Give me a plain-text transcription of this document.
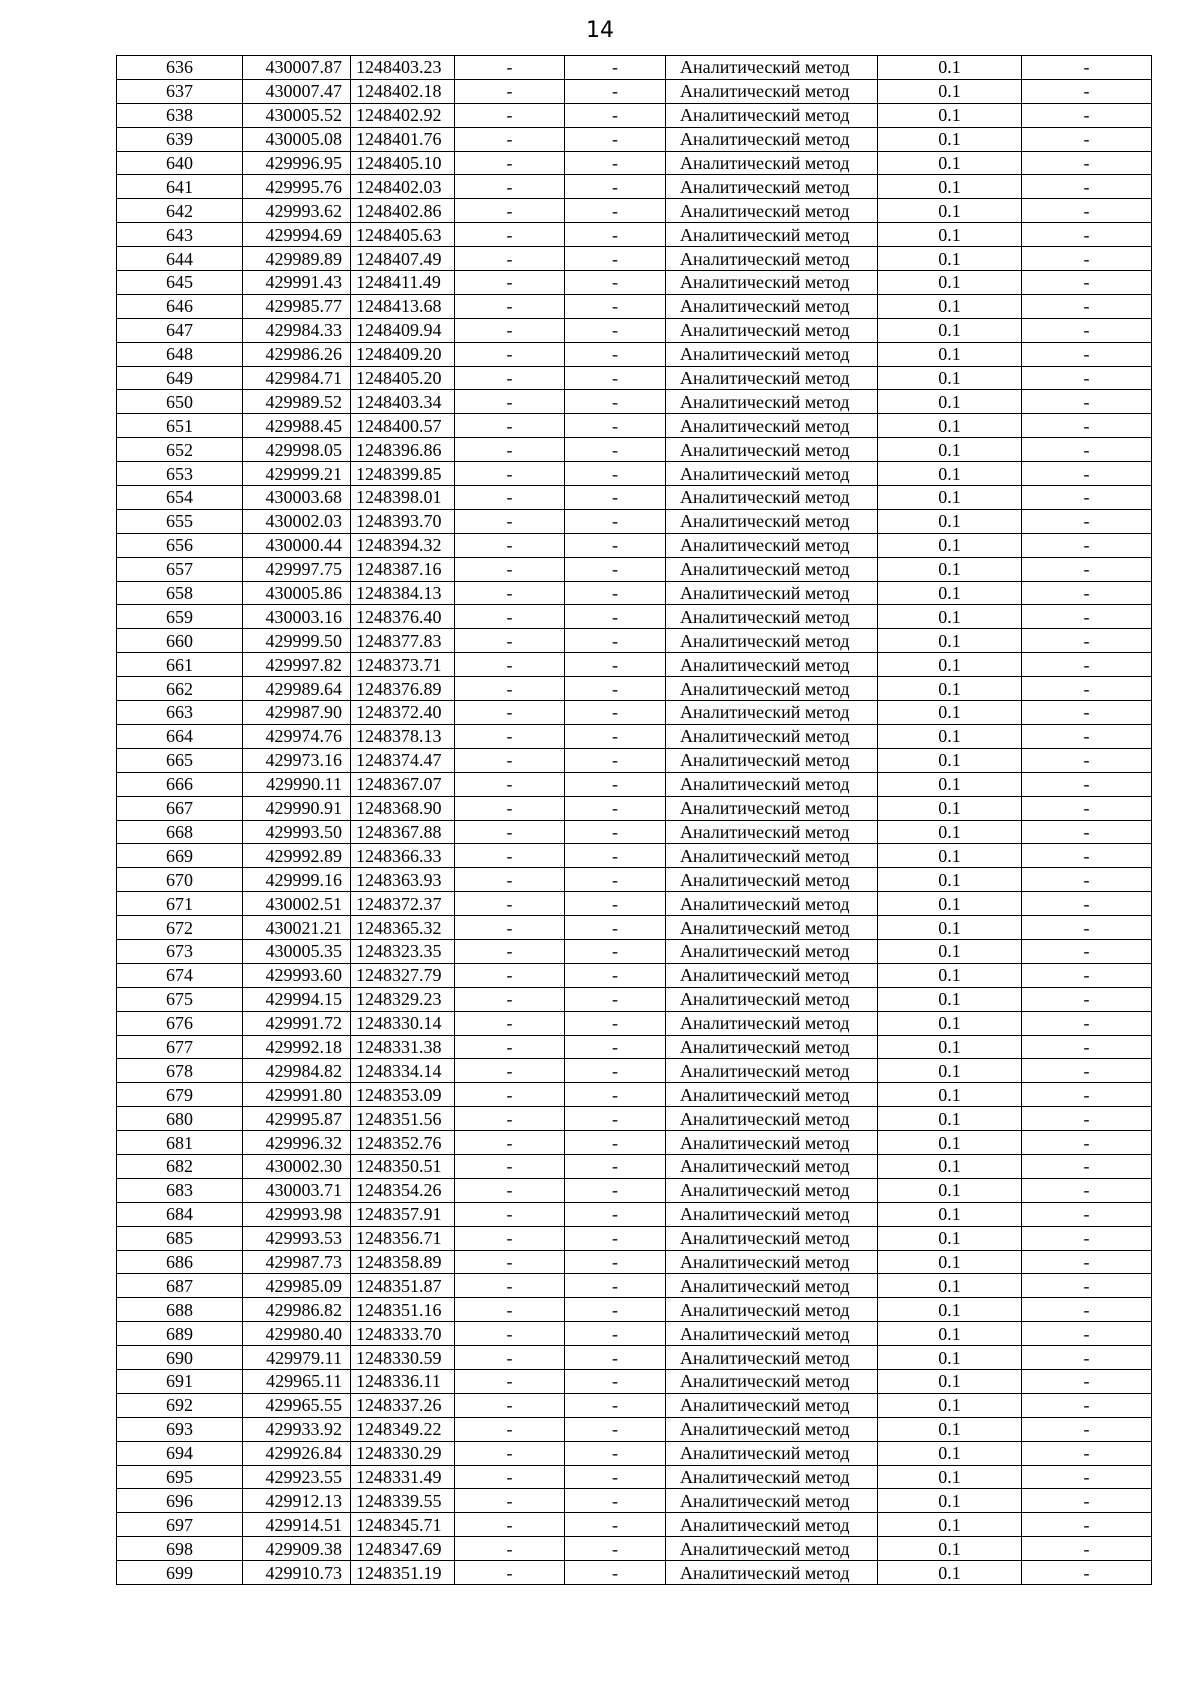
14
636	430007.87	1248403.23	-	-	Аналитический метод	0.1	-
637	430007.47	1248402.18	-	-	Аналитический метод	0.1	-
638	430005.52	1248402.92	-	-	Аналитический метод	0.1	-
639	430005.08	1248401.76	-	-	Аналитический метод	0.1	-
640	429996.95	1248405.10	-	-	Аналитический метод	0.1	-
641	429995.76	1248402.03	-	-	Аналитический метод	0.1	-
642	429993.62	1248402.86	-	-	Аналитический метод	0.1	-
643	429994.69	1248405.63	-	-	Аналитический метод	0.1	-
644	429989.89	1248407.49	-	-	Аналитический метод	0.1	-
645	429991.43	1248411.49	-	-	Аналитический метод	0.1	-
646	429985.77	1248413.68	-	-	Аналитический метод	0.1	-
647	429984.33	1248409.94	-	-	Аналитический метод	0.1	-
648	429986.26	1248409.20	-	-	Аналитический метод	0.1	-
649	429984.71	1248405.20	-	-	Аналитический метод	0.1	-
650	429989.52	1248403.34	-	-	Аналитический метод	0.1	-
651	429988.45	1248400.57	-	-	Аналитический метод	0.1	-
652	429998.05	1248396.86	-	-	Аналитический метод	0.1	-
653	429999.21	1248399.85	-	-	Аналитический метод	0.1	-
654	430003.68	1248398.01	-	-	Аналитический метод	0.1	-
655	430002.03	1248393.70	-	-	Аналитический метод	0.1	-
656	430000.44	1248394.32	-	-	Аналитический метод	0.1	-
657	429997.75	1248387.16	-	-	Аналитический метод	0.1	-
658	430005.86	1248384.13	-	-	Аналитический метод	0.1	-
659	430003.16	1248376.40	-	-	Аналитический метод	0.1	-
660	429999.50	1248377.83	-	-	Аналитический метод	0.1	-
661	429997.82	1248373.71	-	-	Аналитический метод	0.1	-
662	429989.64	1248376.89	-	-	Аналитический метод	0.1	-
663	429987.90	1248372.40	-	-	Аналитический метод	0.1	-
664	429974.76	1248378.13	-	-	Аналитический метод	0.1	-
665	429973.16	1248374.47	-	-	Аналитический метод	0.1	-
666	429990.11	1248367.07	-	-	Аналитический метод	0.1	-
667	429990.91	1248368.90	-	-	Аналитический метод	0.1	-
668	429993.50	1248367.88	-	-	Аналитический метод	0.1	-
669	429992.89	1248366.33	-	-	Аналитический метод	0.1	-
670	429999.16	1248363.93	-	-	Аналитический метод	0.1	-
671	430002.51	1248372.37	-	-	Аналитический метод	0.1	-
672	430021.21	1248365.32	-	-	Аналитический метод	0.1	-
673	430005.35	1248323.35	-	-	Аналитический метод	0.1	-
674	429993.60	1248327.79	-	-	Аналитический метод	0.1	-
675	429994.15	1248329.23	-	-	Аналитический метод	0.1	-
676	429991.72	1248330.14	-	-	Аналитический метод	0.1	-
677	429992.18	1248331.38	-	-	Аналитический метод	0.1	-
678	429984.82	1248334.14	-	-	Аналитический метод	0.1	-
679	429991.80	1248353.09	-	-	Аналитический метод	0.1	-
680	429995.87	1248351.56	-	-	Аналитический метод	0.1	-
681	429996.32	1248352.76	-	-	Аналитический метод	0.1	-
682	430002.30	1248350.51	-	-	Аналитический метод	0.1	-
683	430003.71	1248354.26	-	-	Аналитический метод	0.1	-
684	429993.98	1248357.91	-	-	Аналитический метод	0.1	-
685	429993.53	1248356.71	-	-	Аналитический метод	0.1	-
686	429987.73	1248358.89	-	-	Аналитический метод	0.1	-
687	429985.09	1248351.87	-	-	Аналитический метод	0.1	-
688	429986.82	1248351.16	-	-	Аналитический метод	0.1	-
689	429980.40	1248333.70	-	-	Аналитический метод	0.1	-
690	429979.11	1248330.59	-	-	Аналитический метод	0.1	-
691	429965.11	1248336.11	-	-	Аналитический метод	0.1	-
692	429965.55	1248337.26	-	-	Аналитический метод	0.1	-
693	429933.92	1248349.22	-	-	Аналитический метод	0.1	-
694	429926.84	1248330.29	-	-	Аналитический метод	0.1	-
695	429923.55	1248331.49	-	-	Аналитический метод	0.1	-
696	429912.13	1248339.55	-	-	Аналитический метод	0.1	-
697	429914.51	1248345.71	-	-	Аналитический метод	0.1	-
698	429909.38	1248347.69	-	-	Аналитический метод	0.1	-
699	429910.73	1248351.19	-	-	Аналитический метод	0.1	-
